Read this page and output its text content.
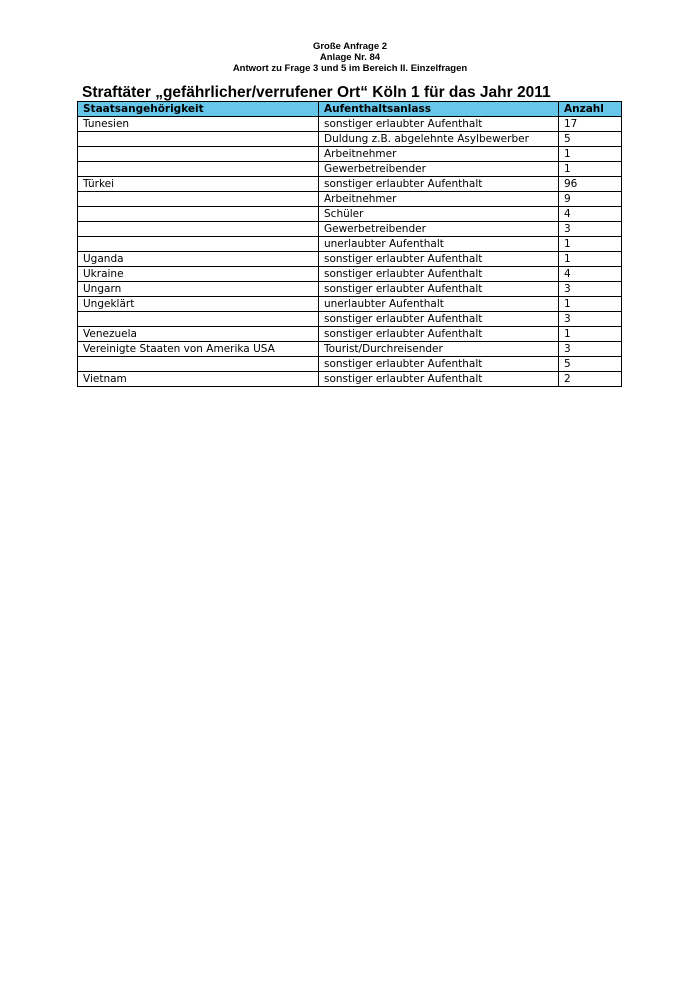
Große Anfrage 2
Anlage Nr. 84
Antwort zu Frage 3 und 5 im Bereich II. Einzelfragen
Straftäter „gefährlicher/verrufener Ort“ Köln 1 für das Jahr 2011
Staatsangehörigkeit	Aufenthaltsanlass	Anzahl
Tunesien	sonstiger erlaubter Aufenthalt	17
	Duldung z.B. abgelehnte Asylbewerber	5
	Arbeitnehmer	1
	Gewerbetreibender	1
Türkei	sonstiger erlaubter Aufenthalt	96
	Arbeitnehmer	9
	Schüler	4
	Gewerbetreibender	3
	unerlaubter Aufenthalt	1
Uganda	sonstiger erlaubter Aufenthalt	1
Ukraine	sonstiger erlaubter Aufenthalt	4
Ungarn	sonstiger erlaubter Aufenthalt	3
Ungeklärt	unerlaubter Aufenthalt	1
	sonstiger erlaubter Aufenthalt	3
Venezuela	sonstiger erlaubter Aufenthalt	1
Vereinigte Staaten von Amerika USA	Tourist/Durchreisender	3
	sonstiger erlaubter Aufenthalt	5
Vietnam	sonstiger erlaubter Aufenthalt	2
